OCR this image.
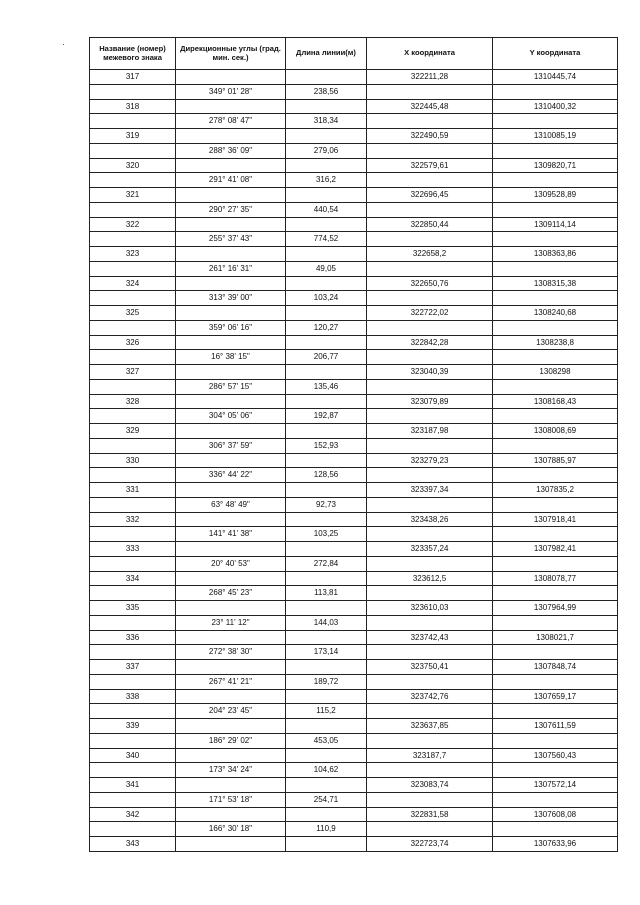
·	Название (номер) межевого знака	Дирекционные углы (град. мин. сек.)	Длина линии(м)	X координата	Y координата
317			322211,28	1310445,74
	349° 01' 28"	238,56		
318			322445,48	1310400,32
	278° 08' 47"	318,34		
319			322490,59	1310085,19
	288° 36' 09"	279,06		
320			322579,61	1309820,71
	291° 41' 08"	316,2		
321			322696,45	1309528,89
	290° 27' 35"	440,54		
322			322850,44	1309114,14
	255° 37' 43"	774,52		
323			322658,2	1308363,86
	261° 16' 31"	49,05		
324			322650,76	1308315,38
	313° 39' 00"	103,24		
325			322722,02	1308240,68
	359° 06' 16"	120,27		
326			322842,28	1308238,8
	16° 38' 15"	206,77		
327			323040,39	1308298
	286° 57' 15"	135,46		
328			323079,89	1308168,43
	304° 05' 06"	192,87		
329			323187,98	1308008,69
	306° 37' 59"	152,93		
330			323279,23	1307885,97
	336° 44' 22"	128,56		
331			323397,34	1307835,2
	63° 48' 49"	92,73		
332			323438,26	1307918,41
	141° 41' 38"	103,25		
333			323357,24	1307982,41
	20° 40' 53"	272,84		
334			323612,5	1308078,77
	268° 45' 23"	113,81		
335			323610,03	1307964,99
	23° 11' 12"	144,03		
336			323742,43	1308021,7
	272° 38' 30"	173,14		
337			323750,41	1307848,74
	267° 41' 21"	189,72		
338			323742,76	1307659,17
	204° 23' 45"	115,2		
339			323637,85	1307611,59
	186° 29' 02"	453,05		
340			323187,7	1307560,43
	173° 34' 24"	104,62		
341			323083,74	1307572,14
	171° 53' 18"	254,71		
342			322831,58	1307608,08
	166° 30' 18"	110,9		
343			322723,74	1307633,96
